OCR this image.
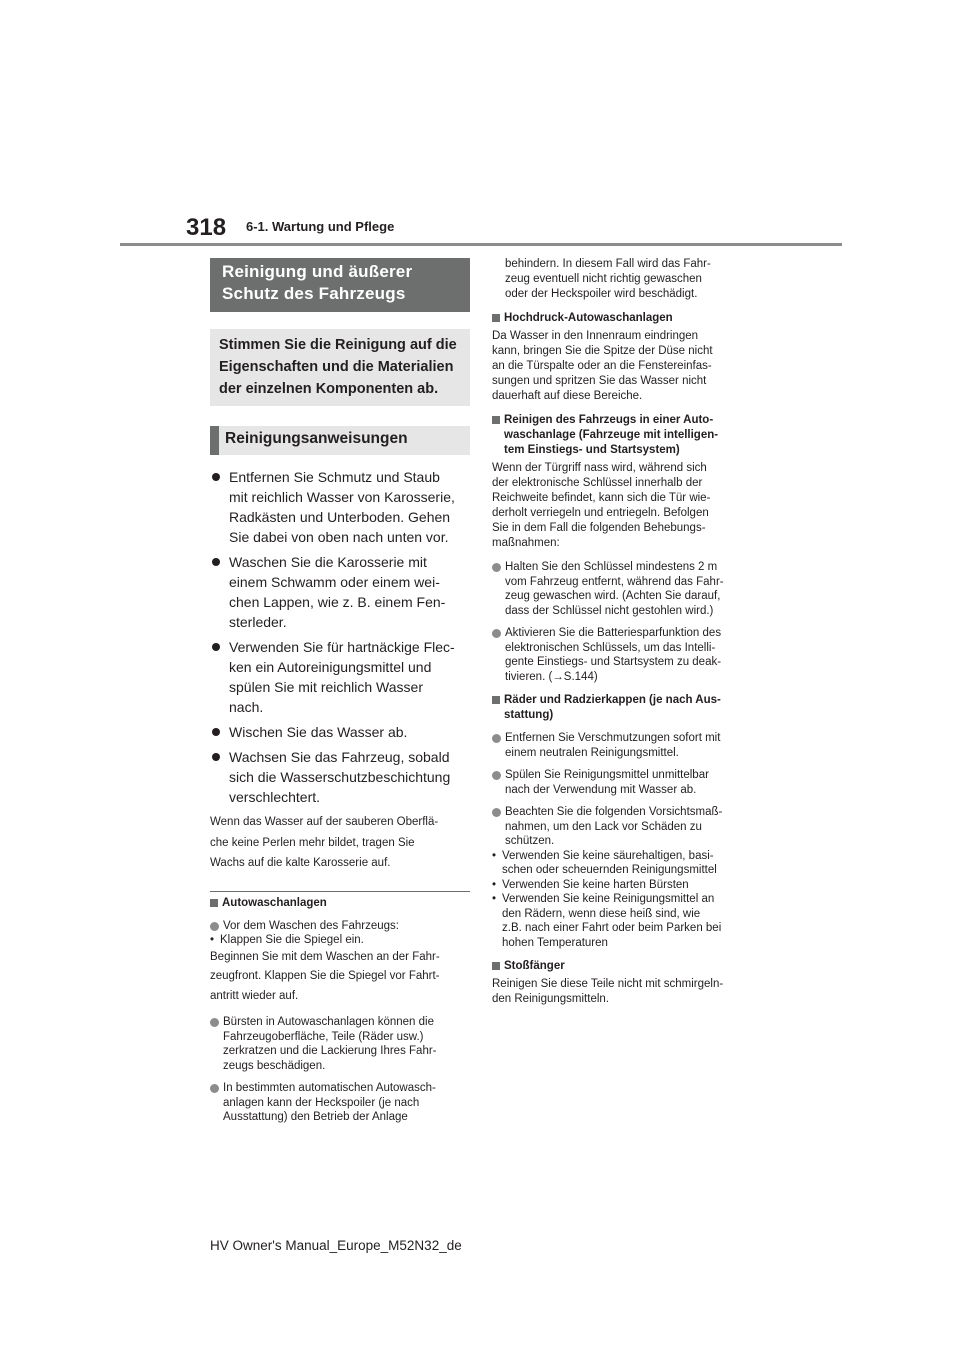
318 6-1. Wartung und Pflege
Reinigung und äußerer
Schutz des Fahrzeugs
Stimmen Sie die Reinigung auf die
Eigenschaften und die Materialien
der einzelnen Komponenten ab.
Reinigungsanweisungen
Entfernen Sie Schmutz und Staub
mit reichlich Wasser von Karosserie,
Radkästen und Unterboden. Gehen
Sie dabei von oben nach unten vor.
Waschen Sie die Karosserie mit
einem Schwamm oder einem wei-
chen Lappen, wie z. B. einem Fen-
sterleder.
Verwenden Sie für hartnäckige Flec-
ken ein Autoreinigungsmittel und
spülen Sie mit reichlich Wasser
nach.
Wischen Sie das Wasser ab.
Wachsen Sie das Fahrzeug, sobald
sich die Wasserschutzbeschichtung
verschlechtert.
Wenn das Wasser auf der sauberen Oberflä-
che keine Perlen mehr bildet, tragen Sie
Wachs auf die kalte Karosserie auf.
Autowaschanlagen
Vor dem Waschen des Fahrzeugs:
• Klappen Sie die Spiegel ein.
Beginnen Sie mit dem Waschen an der Fahr-
zeugfront. Klappen Sie die Spiegel vor Fahrt-
antritt wieder auf.
Bürsten in Autowaschanlagen können die
Fahrzeugoberfläche, Teile (Räder usw.)
zerkratzen und die Lackierung Ihres Fahr-
zeugs beschädigen.
In bestimmten automatischen Autowasch-
anlagen kann der Heckspoiler (je nach
Ausstattung) den Betrieb der Anlage
behindern. In diesem Fall wird das Fahr-
zeug eventuell nicht richtig gewaschen
oder der Heckspoiler wird beschädigt.
Hochdruck-Autowaschanlagen
Da Wasser in den Innenraum eindringen
kann, bringen Sie die Spitze der Düse nicht
an die Türspalte oder an die Fenstereinfas-
sungen und spritzen Sie das Wasser nicht
dauerhaft auf diese Bereiche.
Reinigen des Fahrzeugs in einer Auto-
waschanlage (Fahrzeuge mit intelligen-
tem Einstiegs- und Startsystem)
Wenn der Türgriff nass wird, während sich
der elektronische Schlüssel innerhalb der
Reichweite befindet, kann sich die Tür wie-
derholt verriegeln und entriegeln. Befolgen
Sie in dem Fall die folgenden Behebungs-
maßnahmen:
Halten Sie den Schlüssel mindestens 2 m
vom Fahrzeug entfernt, während das Fahr-
zeug gewaschen wird. (Achten Sie darauf,
dass der Schlüssel nicht gestohlen wird.)
Aktivieren Sie die Batteriesparfunktion des
elektronischen Schlüssels, um das Intelli-
gente Einstiegs- und Startsystem zu deak-
tivieren. (→S.144)
Räder und Radzierkappen (je nach Aus-
stattung)
Entfernen Sie Verschmutzungen sofort mit
einem neutralen Reinigungsmittel.
Spülen Sie Reinigungsmittel unmittelbar
nach der Verwendung mit Wasser ab.
Beachten Sie die folgenden Vorsichtsmaß-
nahmen, um den Lack vor Schäden zu
schützen.
• Verwenden Sie keine säurehaltigen, basi-
schen oder scheuernden Reinigungsmittel
• Verwenden Sie keine harten Bürsten
• Verwenden Sie keine Reinigungsmittel an
den Rädern, wenn diese heiß sind, wie
z.B. nach einer Fahrt oder beim Parken bei
hohen Temperaturen
Stoßfänger
Reinigen Sie diese Teile nicht mit schmirgeln-
den Reinigungsmitteln.
HV Owner's Manual_Europe_M52N32_de
